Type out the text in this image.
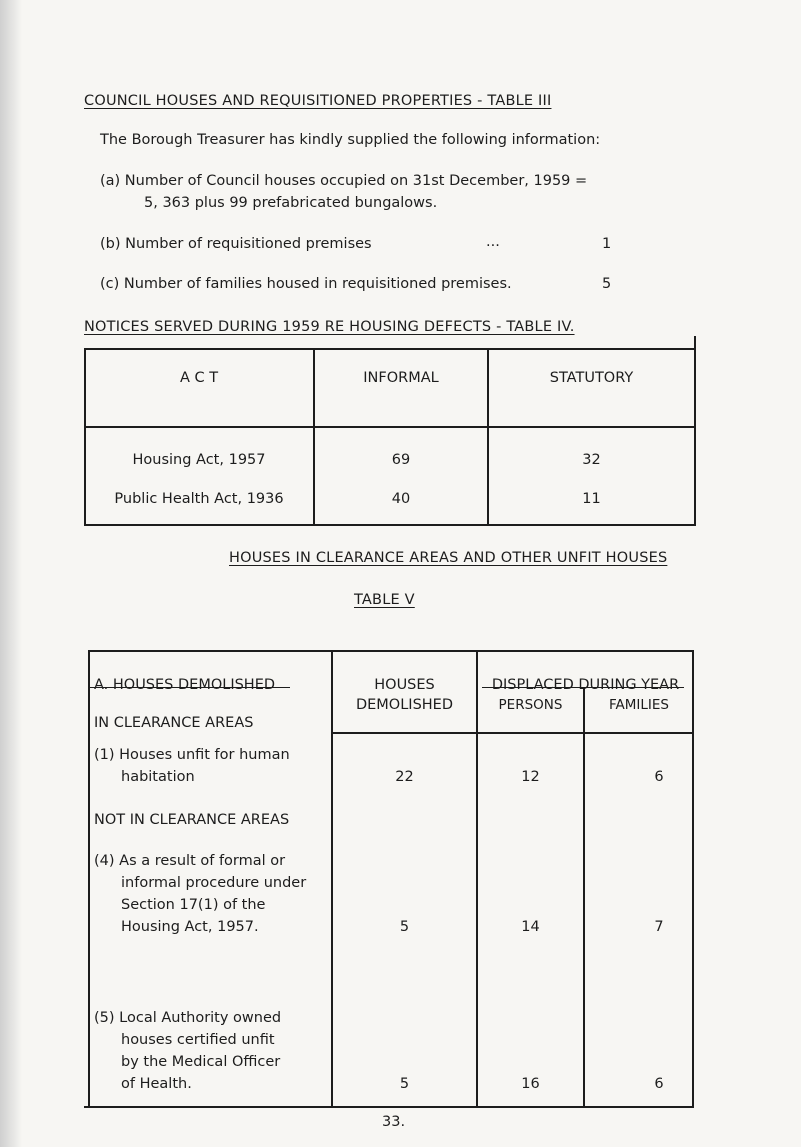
COUNCIL HOUSES AND REQUISITIONED PROPERTIES - TABLE III
The Borough Treasurer has kindly supplied the following information:
(a) Number of Council houses occupied on 31st December, 1959 =
5, 363 plus 99 prefabricated bungalows.
(b) Number of requisitioned premises	...	1
(c) Number of families housed in requisitioned premises.	5
NOTICES SERVED DURING 1959 RE HOUSING DEFECTS - TABLE IV.
A C T	INFORMAL	STATUTORY
Housing Act, 1957	69	32
Public Health Act, 1936	40	11
HOUSES IN CLEARANCE AREAS AND OTHER UNFIT HOUSES
TABLE V
A. HOUSES DEMOLISHED	HOUSES
DEMOLISHED
DISPLACED DURING YEAR
PERSONS	FAMILIES
IN CLEARANCE AREAS
(1) Houses unfit for human
habitation	22	12	6
NOT IN CLEARANCE AREAS
(4) As a result of formal or
informal procedure under
Section 17(1) of the
Housing Act, 1957.	5	14	7
(5) Local Authority owned
houses certified unfit
by the Medical Officer
of Health.	5	16	6
33.
